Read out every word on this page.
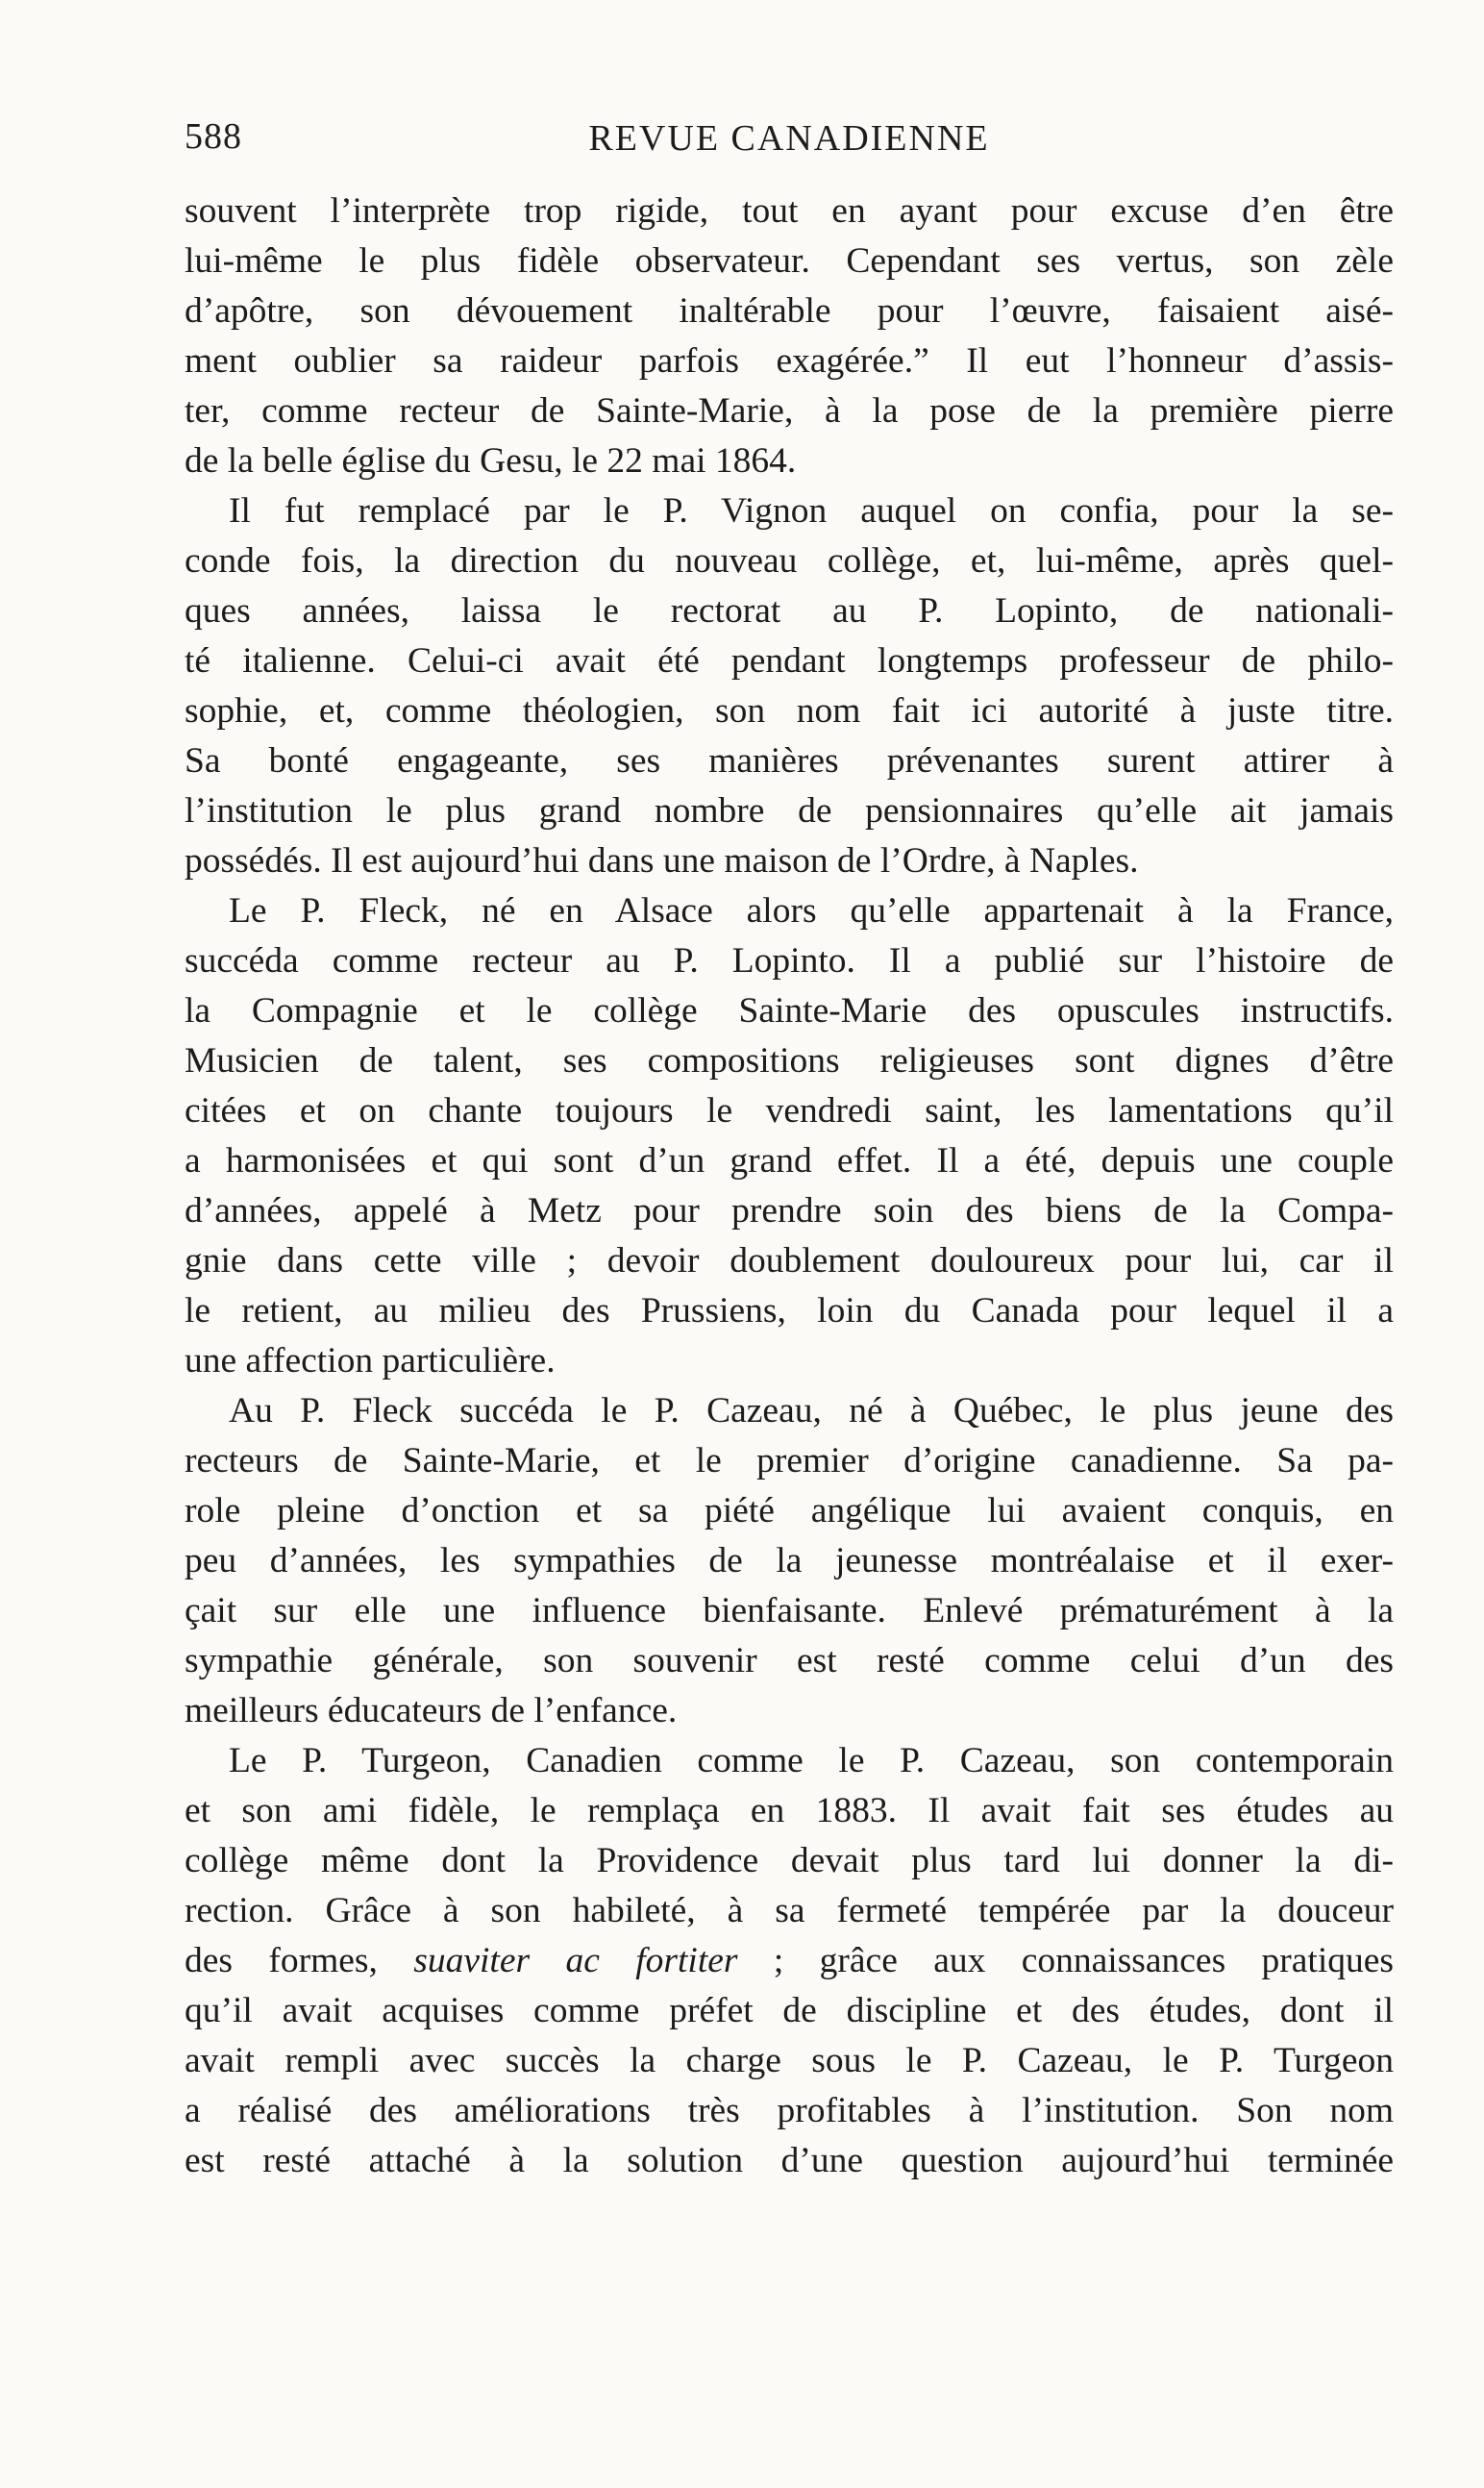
588	REVUE CANADIENNE
souvent l’interprète trop rigide, tout en ayant pour excuse d’en être
lui-même le plus fidèle observateur. Cependant ses vertus, son zèle
d’apôtre, son dévouement inaltérable pour l’œuvre, faisaient aisé-
ment oublier sa raideur parfois exagérée.” Il eut l’honneur d’assis-
ter, comme recteur de Sainte-Marie, à la pose de la première pierre
de la belle église du Gesu, le 22 mai 1864.
Il fut remplacé par le P. Vignon auquel on confia, pour la se-
conde fois, la direction du nouveau collège, et, lui-même, après quel-
ques années, laissa le rectorat au P. Lopinto, de nationali-
té italienne. Celui-ci avait été pendant longtemps professeur de philo-
sophie, et, comme théologien, son nom fait ici autorité à juste titre.
Sa bonté engageante, ses manières prévenantes surent attirer à
l’institution le plus grand nombre de pensionnaires qu’elle ait jamais
possédés. Il est aujourd’hui dans une maison de l’Ordre, à Naples.
Le P. Fleck, né en Alsace alors qu’elle appartenait à la France,
succéda comme recteur au P. Lopinto. Il a publié sur l’histoire de
la Compagnie et le collège Sainte-Marie des opuscules instructifs.
Musicien de talent, ses compositions religieuses sont dignes d’être
citées et on chante toujours le vendredi saint, les lamentations qu’il
a harmonisées et qui sont d’un grand effet. Il a été, depuis une couple
d’années, appelé à Metz pour prendre soin des biens de la Compa-
gnie dans cette ville ; devoir doublement douloureux pour lui, car il
le retient, au milieu des Prussiens, loin du Canada pour lequel il a
une affection particulière.
Au P. Fleck succéda le P. Cazeau, né à Québec, le plus jeune des
recteurs de Sainte-Marie, et le premier d’origine canadienne. Sa pa-
role pleine d’onction et sa piété angélique lui avaient conquis, en
peu d’années, les sympathies de la jeunesse montréalaise et il exer-
çait sur elle une influence bienfaisante. Enlevé prématurément à la
sympathie générale, son souvenir est resté comme celui d’un des
meilleurs éducateurs de l’enfance.
Le P. Turgeon, Canadien comme le P. Cazeau, son contemporain
et son ami fidèle, le remplaça en 1883. Il avait fait ses études au
collège même dont la Providence devait plus tard lui donner la di-
rection. Grâce à son habileté, à sa fermeté tempérée par la douceur
des formes, suaviter ac fortiter ; grâce aux connaissances pratiques
qu’il avait acquises comme préfet de discipline et des études, dont il
avait rempli avec succès la charge sous le P. Cazeau, le P. Turgeon
a réalisé des améliorations très profitables à l’institution. Son nom
est resté attaché à la solution d’une question aujourd’hui terminée
